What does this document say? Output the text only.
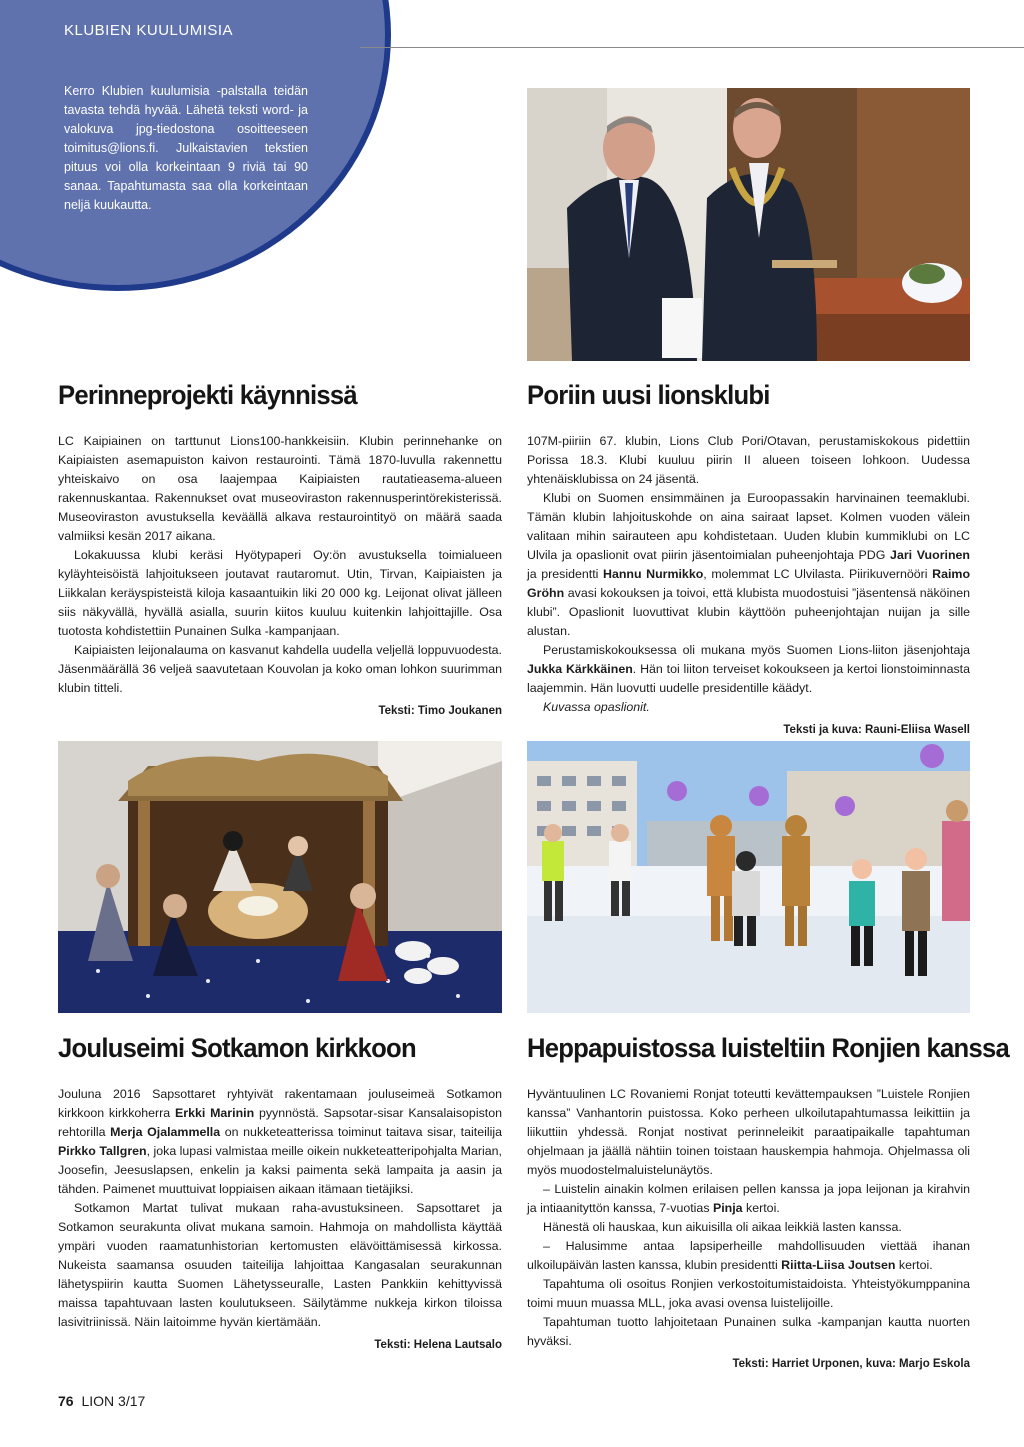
KLUBIEN KUULUMISIA
Kerro Klubien kuulumisia -palstalla teidän tavasta tehdä hyvää. Lähetä teksti word- ja valokuva jpg-tiedostona osoitteeseen toimitus@lions.fi. Julkaistavien tekstien pituus voi olla korkeintaan 9 riviä tai 90 sanaa. Tapahtumasta saa olla korkeintaan neljä kuukautta.
Perinneprojekti käynnissä

LC Kaipiainen on tarttunut Lions100-hankkeisiin. Klubin perinnehanke on Kaipiaisten asemapuiston kaivon restaurointi. Tämä 1870-luvulla rakennettu yhteiskaivo on osa laajempaa Kaipiaisten rautatieasema-alueen rakennuskantaa. Rakennukset ovat museoviraston rakennusperintörekisterissä. Museoviraston avustuksella keväällä alkava restaurointityö on määrä saada valmiiksi kesän 2017 aikana.

Lokakuussa klubi keräsi Hyötypaperi Oy:ön avustuksella toimialueen kyläyhteisöistä lahjoitukseen joutavat rautaromut. Utin, Tirvan, Kaipiaisten ja Liikkalan keräyspisteistä kiloja kasaantuikin liki 20 000 kg. Leijonat olivat jälleen siis näkyvällä, hyvällä asialla, suurin kiitos kuuluu kuitenkin lahjoittajille. Osa tuotosta kohdistettiin Punainen Sulka -kampanjaan.

Kaipiaisten leijonalauma on kasvanut kahdella uudella veljellä loppuvuodesta. Jäsenmäärällä 36 veljeä saavutetaan Kouvolan ja koko oman lohkon suurimman klubin titteli.

Teksti: Timo Joukanen
Poriin uusi lionsklubi

107M-piiriin 67. klubin, Lions Club Pori/Otavan, perustamiskokous pidettiin Porissa 18.3. Klubi kuuluu piirin II alueen toiseen lohkoon. Uudessa yhtenäisklubissa on 24 jäsentä.

Klubi on Suomen ensimmäinen ja Euroopassakin harvinainen teemaklubi. Tämän klubin lahjoituskohde on aina sairaat lapset. Kolmen vuoden välein valitaan mihin sairauteen apu kohdistetaan. Uuden klubin kummiklubi on LC Ulvila ja opaslionit ovat piirin jäsentoimialan puheenjohtaja PDG Jari Vuorinen ja presidentti Hannu Nurmikko, molemmat LC Ulvilasta. Piirikuvernööri Raimo Gröhn avasi kokouksen ja toivoi, että klubista muodostuisi ”jäsentensä näköinen klubi”. Opaslionit luovuttivat klubin käyttöön puheenjohtajan nuijan ja sille alustan.

Perustamiskokouksessa oli mukana myös Suomen Lions-liiton jäsenjohtaja Jukka Kärkkäinen. Hän toi liiton terveiset kokoukseen ja kertoi lionstoiminnasta laajemmin. Hän luovutti uudelle presidentille käädyt.

Kuvassa opaslionit.

Teksti ja kuva: Rauni-Eliisa Wasell
Jouluseimi Sotkamon kirkkoon

Jouluna 2016 Sapsottaret ryhtyivät rakentamaan jouluseimeä Sotkamon kirkkoon kirkkoherra Erkki Marinin pyynnöstä. Sapsotar-sisar Kansalaisopiston rehtorilla Merja Ojalammella on nukketeatterissa toiminut taitava sisar, taiteilija Pirkko Tallgren, joka lupasi valmistaa meille oikein nukketeatteripohjalta Marian, Joosefin, Jeesuslapsen, enkelin ja kaksi paimenta sekä lampaita ja aasin ja tähden. Paimenet muuttuivat loppiaisen aikaan itämaan tietäjiksi.

Sotkamon Martat tulivat mukaan raha-avustuksineen. Sapsottaret ja Sotkamon seurakunta olivat mukana samoin. Hahmoja on mahdollista käyttää ympäri vuoden raamatunhistorian kertomusten elävöittämisessä kirkossa. Nukeista saamansa osuuden taiteilija lahjoittaa Kangasalan seurakunnan lähetyspiirin kautta Suomen Lähetysseuralle, Lasten Pankkiin kehittyvissä maissa tapahtuvaan lasten koulutukseen. Säilytämme nukkeja kirkon tiloissa lasivitriinissä. Näin laitoimme hyvän kiertämään.

Teksti: Helena Lautsalo
Heppapuistossa luisteltiin Ronjien kanssa

Hyväntuulinen LC Rovaniemi Ronjat toteutti kevättempauksen ”Luistele Ronjien kanssa” Vanhantorin puistossa. Koko perheen ulkoilutapahtumassa leikittiin ja liikuttiin yhdessä. Ronjat nostivat perinneleikit paraatipaikalle tapahtuman ohjelmaan ja jäällä nähtiin toinen toistaan hauskempia hahmoja. Ohjelmassa oli myös muodostelmaluistelunäytös.

– Luistelin ainakin kolmen erilaisen pellen kanssa ja jopa leijonan ja kirahvin ja intiaanityttön kanssa, 7-vuotias Pinja kertoi.

Hänestä oli hauskaa, kun aikuisilla oli aikaa leikkiä lasten kanssa.

– Halusimme antaa lapsiperheille mahdollisuuden viettää ihanan ulkoilupäivän lasten kanssa, klubin presidentti Riitta-Liisa Joutsen kertoi.

Tapahtuma oli osoitus Ronjien verkostoitumistaidoista. Yhteistyökumppanina toimi muun muassa MLL, joka avasi ovensa luistelijoille.

Tapahtuman tuotto lahjoitetaan Punainen sulka -kampanjan kautta nuorten hyväksi.

Teksti: Harriet Urponen, kuva: Marjo Eskola
76 LION 3/17
